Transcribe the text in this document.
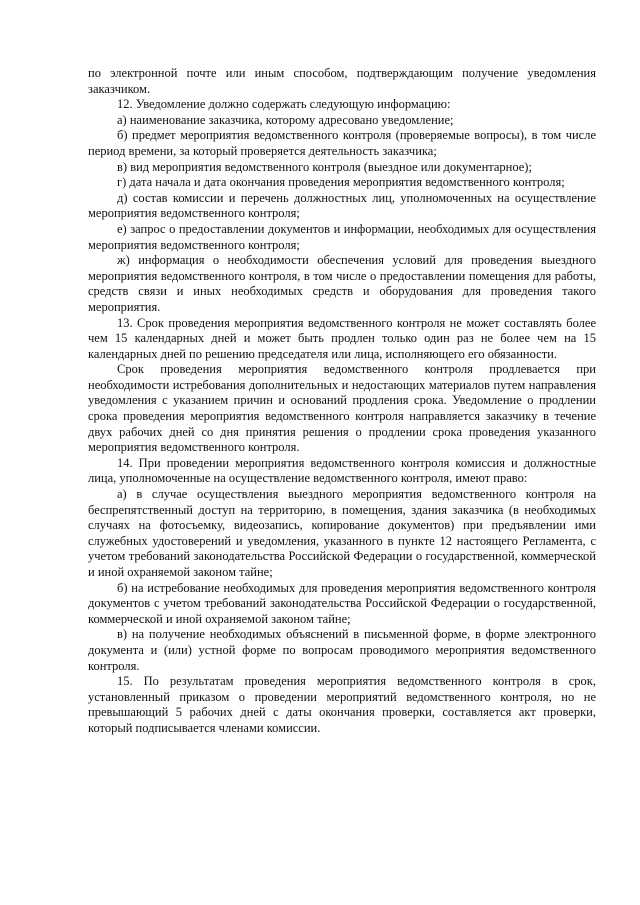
по электронной почте или иным способом, подтверждающим получение уведомления заказчиком.

12. Уведомление должно содержать следующую информацию:

а) наименование заказчика, которому адресовано уведомление;

б) предмет мероприятия ведомственного контроля (проверяемые вопросы), в том числе период времени, за который проверяется деятельность заказчика;

в) вид мероприятия ведомственного контроля (выездное или документарное);

г) дата начала и дата окончания проведения мероприятия ведомственного контроля;

д) состав комиссии и перечень должностных лиц, уполномоченных на осуществление мероприятия ведомственного контроля;

е) запрос о предоставлении документов и информации, необходимых для осуществления мероприятия ведомственного контроля;

ж) информация о необходимости обеспечения условий для проведения выездного мероприятия ведомственного контроля, в том числе о предоставлении помещения для работы, средств связи и иных необходимых средств и оборудования для проведения такого мероприятия.

13. Срок проведения мероприятия ведомственного контроля не может составлять более чем 15 календарных дней и может быть продлен только один раз не более чем на 15 календарных дней по решению председателя или лица, исполняющего его обязанности.

Срок проведения мероприятия ведомственного контроля продлевается при необходимости истребования дополнительных и недостающих материалов путем направления уведомления с указанием причин и оснований продления срока. Уведомление о продлении срока проведения мероприятия ведомственного контроля направляется заказчику в течение двух рабочих дней со дня принятия решения о продлении срока проведения указанного мероприятия ведомственного контроля.

14. При проведении мероприятия ведомственного контроля комиссия и должностные лица, уполномоченные на осуществление ведомственного контроля, имеют право:

а) в случае осуществления выездного мероприятия ведомственного контроля на беспрепятственный доступ на территорию, в помещения, здания заказчика (в необходимых случаях на фотосъемку, видеозапись, копирование документов) при предъявлении ими служебных удостоверений и уведомления, указанного в пункте 12 настоящего Регламента, с учетом требований законодательства Российской Федерации о государственной, коммерческой и иной охраняемой законом тайне;

б) на истребование необходимых для проведения мероприятия ведомственного контроля документов с учетом требований законодательства Российской Федерации о государственной, коммерческой и иной охраняемой законом тайне;

в) на получение необходимых объяснений в письменной форме, в форме электронного документа и (или) устной форме по вопросам проводимого мероприятия ведомственного контроля.

15. По результатам проведения мероприятия ведомственного контроля в срок, установленный приказом о проведении мероприятий ведомственного контроля, но не превышающий 5 рабочих дней с даты окончания проверки, составляется акт проверки, который подписывается членами комиссии.
